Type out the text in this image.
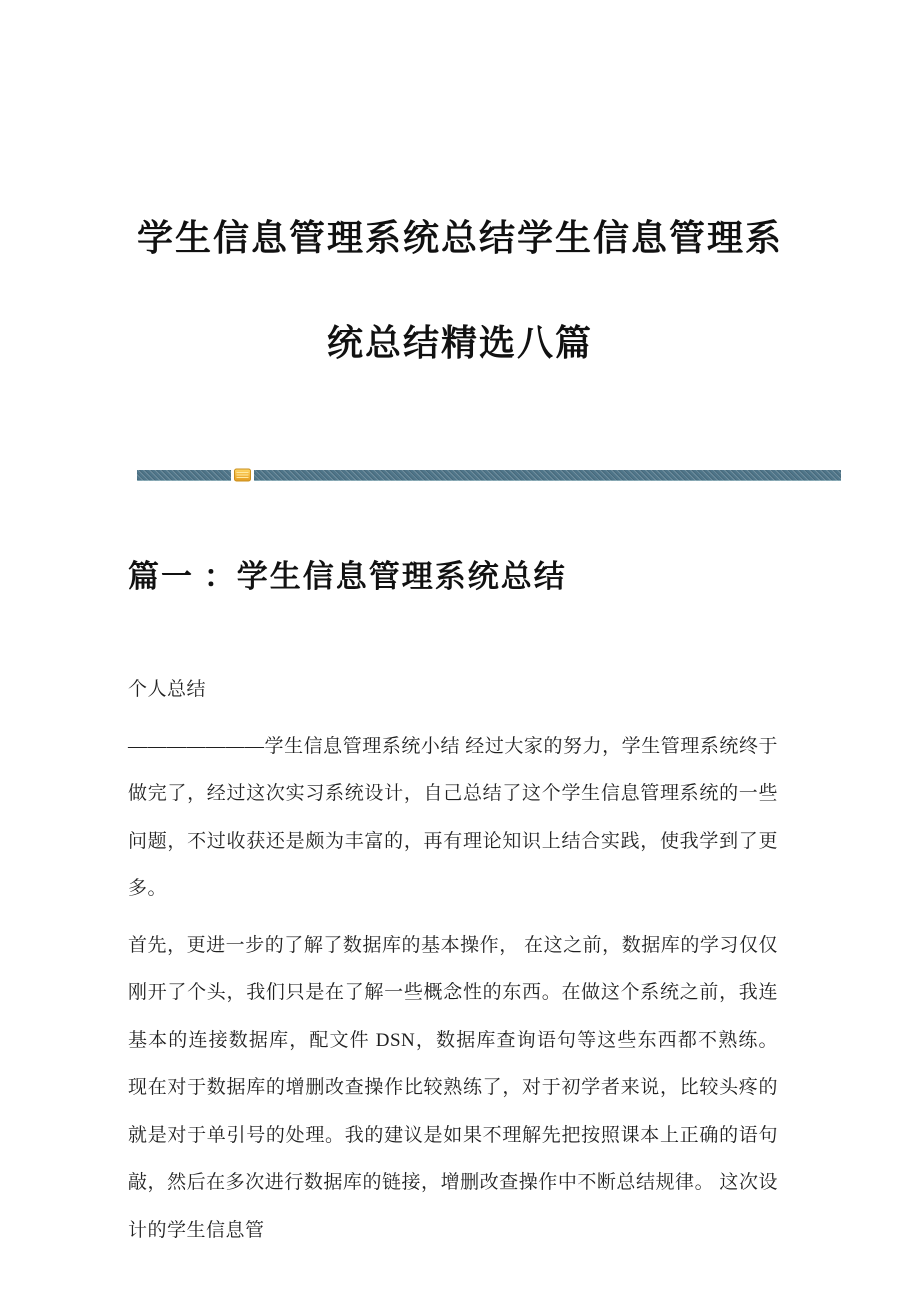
学生信息管理系统总结学生信息管理系
统总结精选八篇
篇一 ：学生信息管理系统总结

个人总结

———————学生信息管理系统小结 经过大家的努力，学生管理系统终于做完了，经过这次实习系统设计，自己总结了这个学生信息管理系统的一些问题，不过收获还是颇为丰富的，再有理论知识上结合实践，使我学到了更多。

首先，更进一步的了解了数据库的基本操作， 在这之前，数据库的学习仅仅刚开了个头，我们只是在了解一些概念性的东西。在做这个系统之前，我连基本的连接数据库，配文件 DSN，数据库查询语句等这些东西都不熟练。 现在对于数据库的增删改查操作比较熟练了，对于初学者来说，比较头疼的就是对于单引号的处理。我的建议是如果不理解先把按照课本上正确的语句敲，然后在多次进行数据库的链接，增删改查操作中不断总结规律。 这次设计的学生信息管
